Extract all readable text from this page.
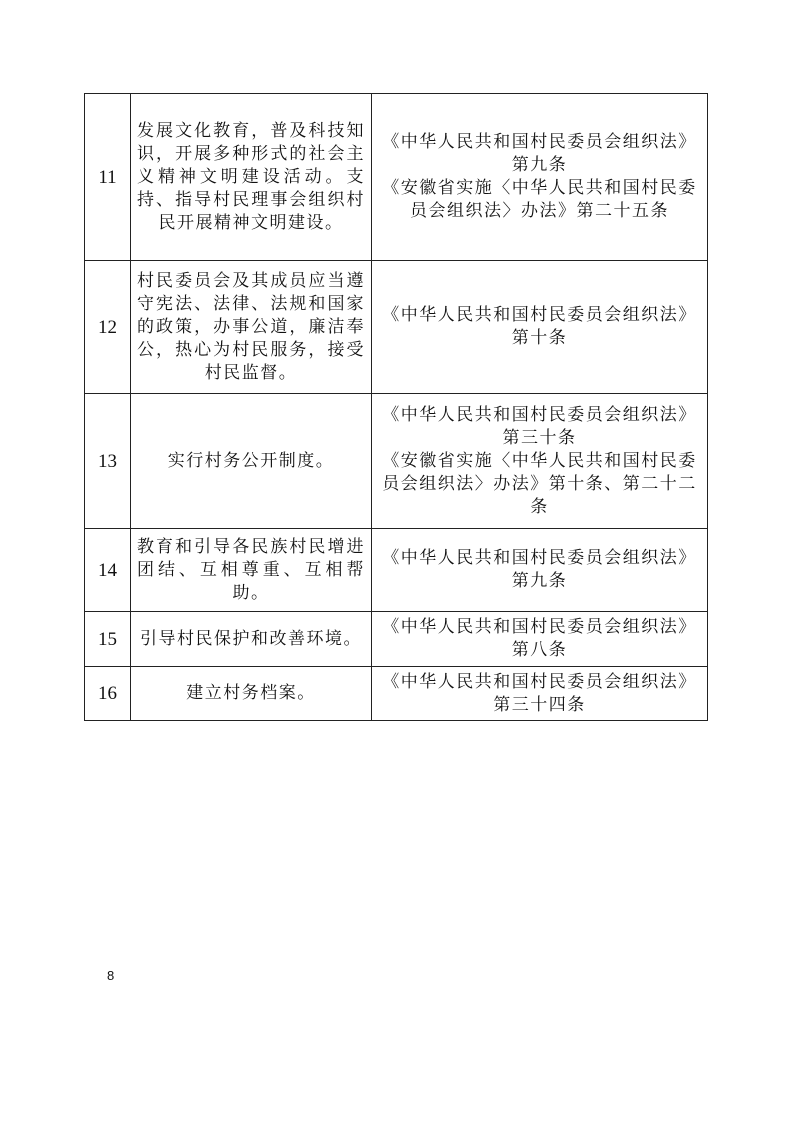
11	发展文化教育，普及科技知识，开展多种形式的社会主义精神文明建设活动。支持、指导村民理事会组织村民开展精神文明建设。	《中华人民共和国村民委员会组织法》第九条
《安徽省实施〈中华人民共和国村民委员会组织法〉办法》第二十五条

12	村民委员会及其成员应当遵守宪法、法律、法规和国家的政策，办事公道，廉洁奉公，热心为村民服务，接受村民监督。	《中华人民共和国村民委员会组织法》第十条

13	实行村务公开制度。	《中华人民共和国村民委员会组织法》第三十条
《安徽省实施〈中华人民共和国村民委员会组织法〉办法》第十条、第二十二条

14	教育和引导各民族村民增进团结、互相尊重、互相帮助。	《中华人民共和国村民委员会组织法》第九条

15	引导村民保护和改善环境。	《中华人民共和国村民委员会组织法》第八条

16	建立村务档案。	《中华人民共和国村民委员会组织法》第三十四条
8
